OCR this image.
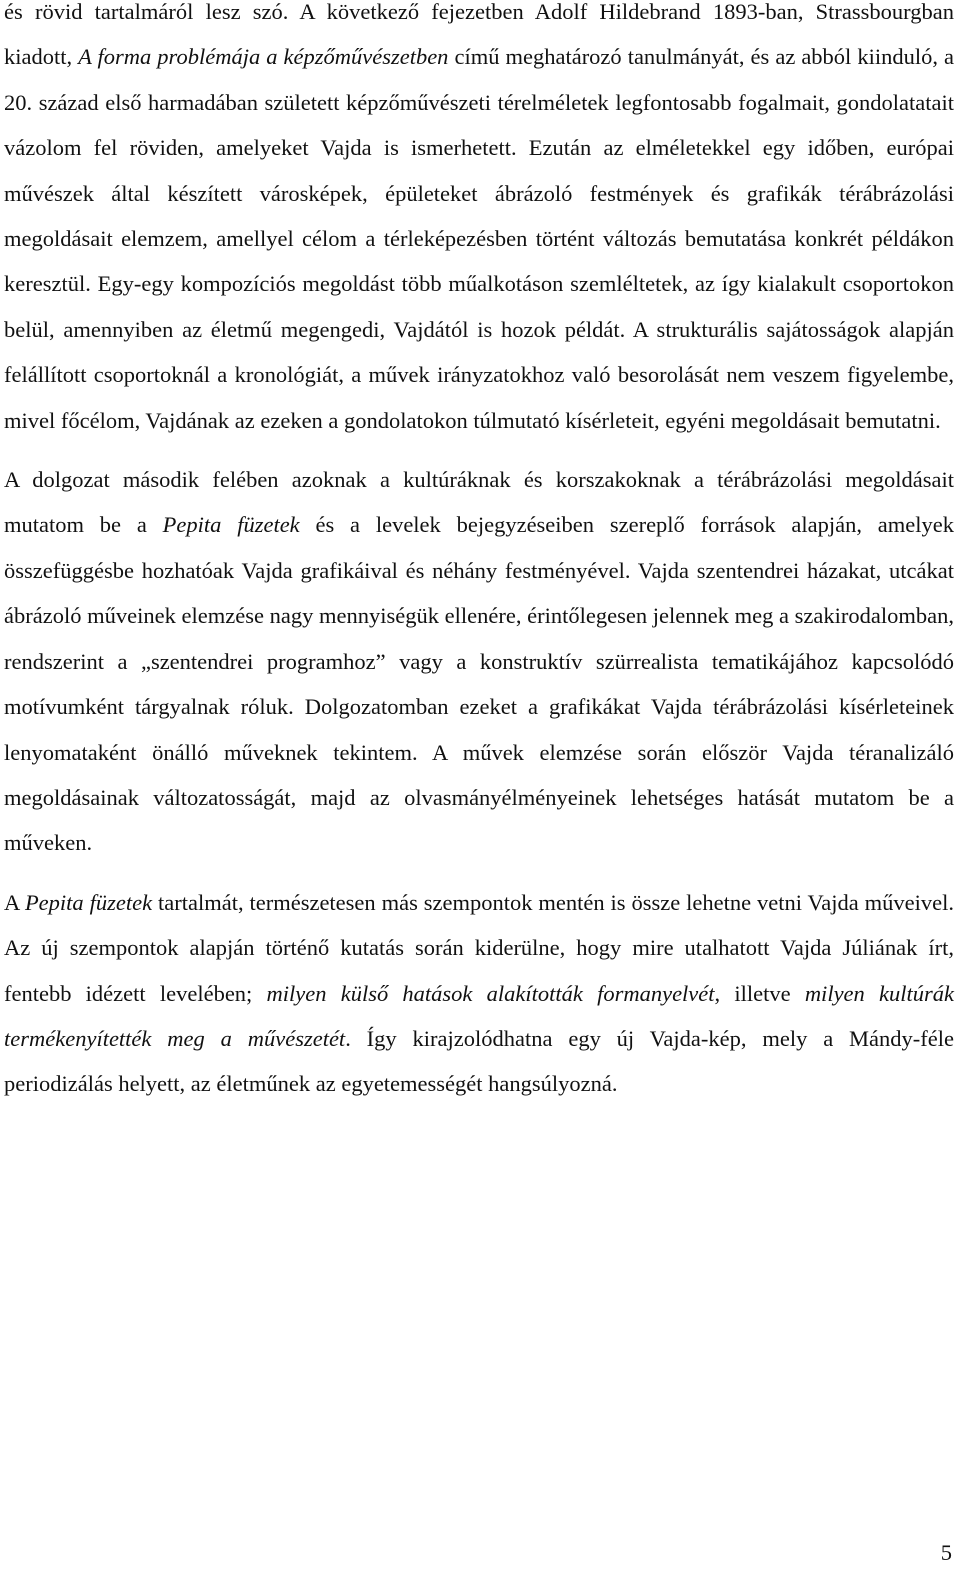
és rövid tartalmáról lesz szó. A következő fejezetben Adolf Hildebrand 1893-ban, Strassbourgban kiadott, A forma problémája a képzőművészetben című meghatározó tanulmányát, és az abból kiinduló, a 20. század első harmadában született képzőművészeti térelméletek legfontosabb fogalmait, gondolatatait vázolom fel röviden, amelyeket Vajda is ismerhetett. Ezután az elméletekkel egy időben, európai művészek által készített városképek, épületeket ábrázoló festmények és grafikák térábrázolási megoldásait elemzem, amellyel célom a térleképezésben történt változás bemutatása konkrét példákon keresztül. Egy-egy kompozíciós megoldást több műalkotáson szemléltetek, az így kialakult csoportokon belül, amennyiben az életmű megengedi, Vajdától is hozok példát. A strukturális sajátosságok alapján felállított csoportoknál a kronológiát, a művek irányzatokhoz való besorolását nem veszem figyelembe, mivel főcélom, Vajdának az ezeken a gondolatokon túlmutató kísérleteit, egyéni megoldásait bemutatni.

A dolgozat második felében azoknak a kultúráknak és korszakoknak a térábrázolási megoldásait mutatom be a Pepita füzetek és a levelek bejegyzéseiben szereplő források alapján, amelyek összefüggésbe hozhatóak Vajda grafikáival és néhány festményével. Vajda szentendrei házakat, utcákat ábrázoló műveinek elemzése nagy mennyiségük ellenére, érintőlegesen jelennek meg a szakirodalomban, rendszerint a „szentendrei programhoz” vagy a konstruktív szürrealista tematikájához kapcsolódó motívumként tárgyalnak róluk. Dolgozatomban ezeket a grafikákat Vajda térábrázolási kísérleteinek lenyomataként önálló műveknek tekintem. A művek elemzése során először Vajda téranalizáló megoldásainak változatosságát, majd az olvasmányélményeinek lehetséges hatását mutatom be a műveken.

A Pepita füzetek tartalmát, természetesen más szempontok mentén is össze lehetne vetni Vajda műveivel. Az új szempontok alapján történő kutatás során kiderülne, hogy mire utalhatott Vajda Júliának írt, fentebb idézett levelében; milyen külső hatások alakították formanyelvét, illetve milyen kultúrák termékenyítették meg a művészetét. Így kirajzolódhatna egy új Vajda-kép, mely a Mándy-féle periodizálás helyett, az életműnek az egyetemességét hangsúlyozná.

5
